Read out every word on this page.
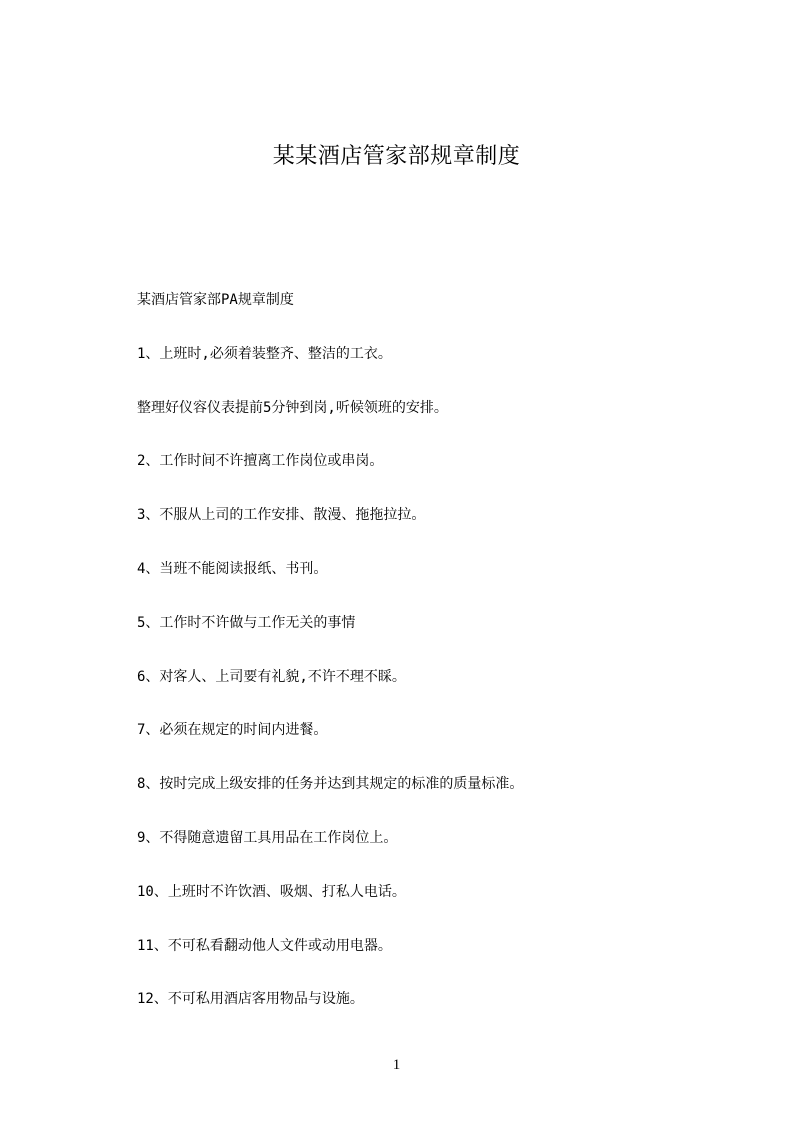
某某酒店管家部规章制度

某酒店管家部PA规章制度

1、上班时,必须着装整齐、整洁的工衣。

整理好仪容仪表提前5分钟到岗,听候领班的安排。

2、工作时间不许擅离工作岗位或串岗。

3、不服从上司的工作安排、散漫、拖拖拉拉。

4、当班不能阅读报纸、书刊。

5、工作时不许做与工作无关的事情

6、对客人、上司要有礼貌,不许不理不睬。

7、必须在规定的时间内进餐。

8、按时完成上级安排的任务并达到其规定的标准的质量标准。

9、不得随意遗留工具用品在工作岗位上。

10、上班时不许饮酒、吸烟、打私人电话。

11、不可私看翻动他人文件或动用电器。

12、不可私用酒店客用物品与设施。

1
